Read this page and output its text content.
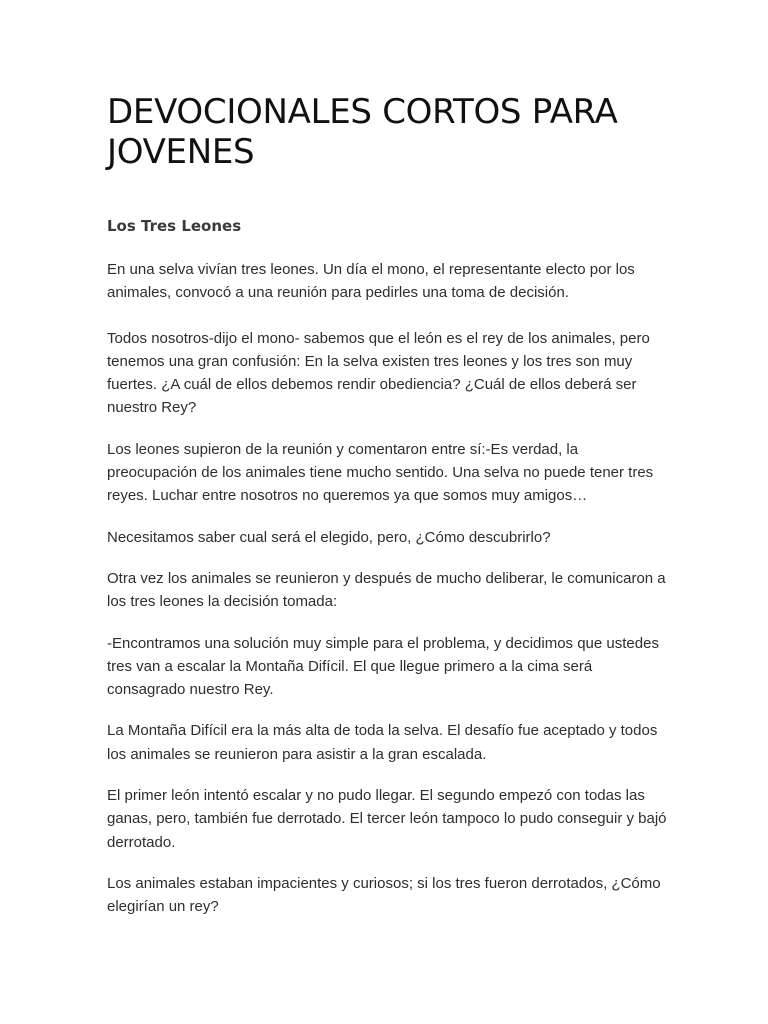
DEVOCIONALES CORTOS PARA JOVENES
Los Tres Leones

En una selva vivían tres leones. Un día el mono, el representante electo por los animales, convocó a una reunión para pedirles una toma de decisión.

Todos nosotros-dijo el mono- sabemos que el león es el rey de los animales, pero tenemos una gran confusión: En la selva existen tres leones y los tres son muy fuertes. ¿A cuál de ellos debemos rendir obediencia? ¿Cuál de ellos deberá ser nuestro Rey?

Los leones supieron de la reunión y comentaron entre sí:-Es verdad, la preocupación de los animales tiene mucho sentido. Una selva no puede tener tres reyes. Luchar entre nosotros no queremos ya que somos muy amigos…

Necesitamos saber cual será el elegido, pero, ¿Cómo descubrirlo?

Otra vez los animales se reunieron y después de mucho deliberar, le comunicaron a los tres leones la decisión tomada:

-Encontramos una solución muy simple para el problema, y decidimos que ustedes tres van a escalar la Montaña Difícil. El que llegue primero a la cima será consagrado nuestro Rey.

La Montaña Difícil era la más alta de toda la selva. El desafío fue aceptado y todos los animales se reunieron para asistir a la gran escalada.

El primer león intentó escalar y no pudo llegar. El segundo empezó con todas las ganas, pero, también fue derrotado. El tercer león tampoco lo pudo conseguir y bajó derrotado.

Los animales estaban impacientes y curiosos; si los tres fueron derrotados, ¿Cómo elegirían un rey?
